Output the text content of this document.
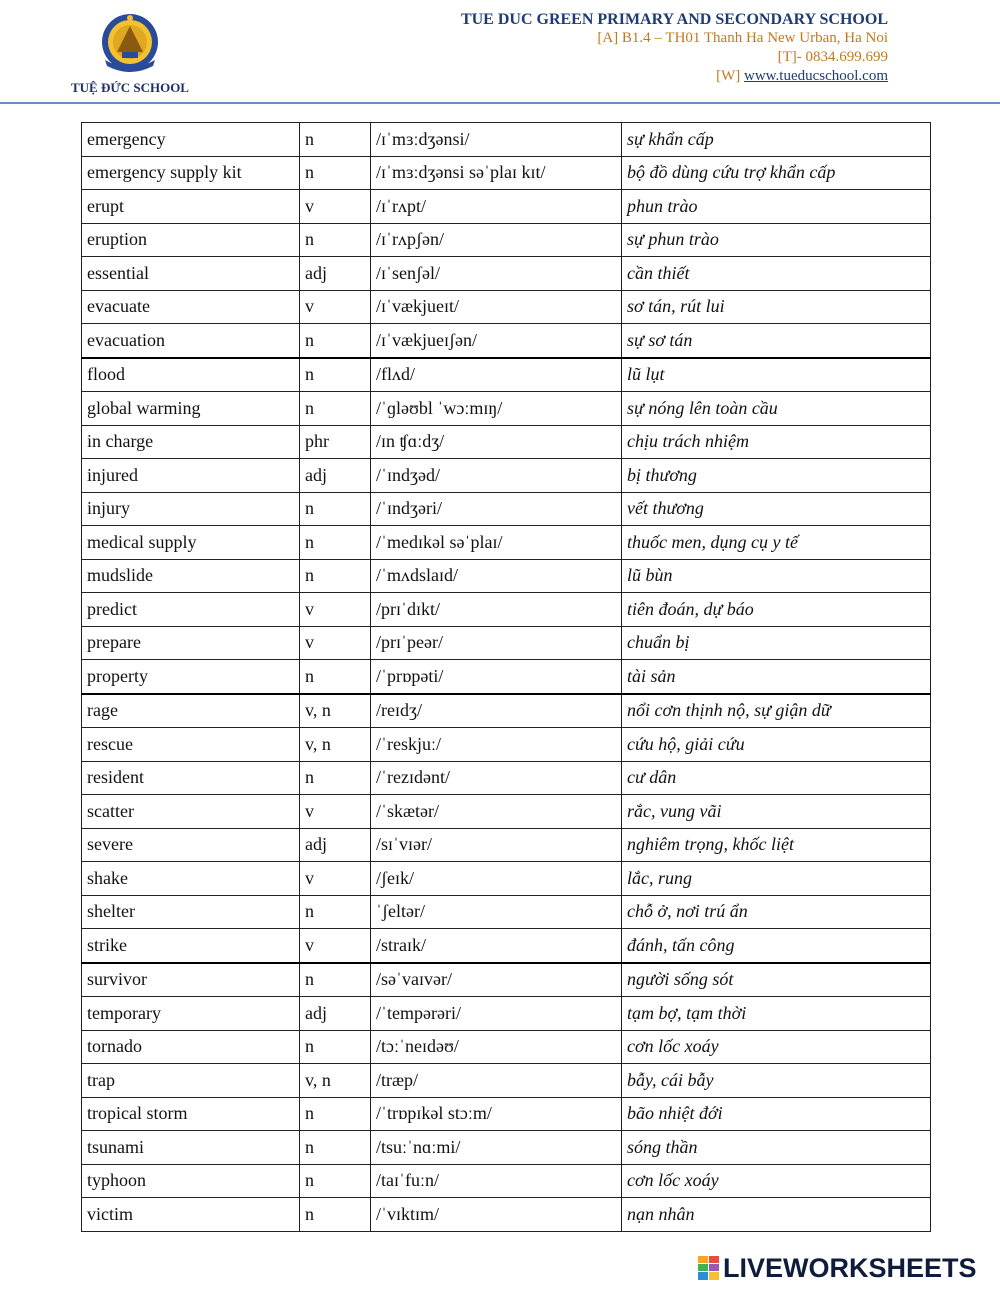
TUỆ ĐỨC SCHOOL
TUE DUC GREEN PRIMARY AND SECONDARY SCHOOL
[A] B1.4 – TH01 Thanh Ha New Urban, Ha Noi
[T]- 0834.699.699
[W] www.tueducschool.com
emergency	n	/ɪˈmɜːdʒənsi/	sự khẩn cấp
emergency supply kit	n	/ɪˈmɜːdʒənsi səˈplaɪ kɪt/	bộ đồ dùng cứu trợ khẩn cấp
erupt	v	/ɪˈrʌpt/	phun trào
eruption	n	/ɪˈrʌpʃən/	sự phun trào
essential	adj	/ɪˈsenʃəl/	cần thiết
evacuate	v	/ɪˈvækjueɪt/	sơ tán, rút lui
evacuation	n	/ɪˈvækjueɪʃən/	sự sơ tán
flood	n	/flʌd/	lũ lụt
global warming	n	/ˈɡləʊbl ˈwɔːmɪŋ/	sự nóng lên toàn cầu
in charge	phr	/ɪn ʧɑːdʒ/	chịu trách nhiệm
injured	adj	/ˈɪndʒəd/	bị thương
injury	n	/ˈɪndʒəri/	vết thương
medical supply	n	/ˈmedɪkəl səˈplaɪ/	thuốc men, dụng cụ y tế
mudslide	n	/ˈmʌdslaɪd/	lũ bùn
predict	v	/prɪˈdɪkt/	tiên đoán, dự báo
prepare	v	/prɪˈpeər/	chuẩn bị
property	n	/ˈprɒpəti/	tài sản
rage	v, n	/reɪdʒ/	nổi cơn thịnh nộ, sự giận dữ
rescue	v, n	/ˈreskjuː/	cứu hộ, giải cứu
resident	n	/ˈrezɪdənt/	cư dân
scatter	v	/ˈskætər/	rắc, vung vãi
severe	adj	/sɪˈvɪər/	nghiêm trọng, khốc liệt
shake	v	/ʃeɪk/	lắc, rung
shelter	n	ˈʃeltər/	chỗ ở, nơi trú ẩn
strike	v	/straɪk/	đánh, tấn công
survivor	n	/səˈvaɪvər/	người sống sót
temporary	adj	/ˈtempərəri/	tạm bợ, tạm thời
tornado	n	/tɔːˈneɪdəʊ/	cơn lốc xoáy
trap	v, n	/træp/	bẫy, cái bẫy
tropical storm	n	/ˈtrɒpɪkəl stɔːm/	bão nhiệt đới
tsunami	n	/tsuːˈnɑːmi/	sóng thần
typhoon	n	/taɪˈfuːn/	cơn lốc xoáy
victim	n	/ˈvɪktɪm/	nạn nhân
LIVEWORKSHEETS
